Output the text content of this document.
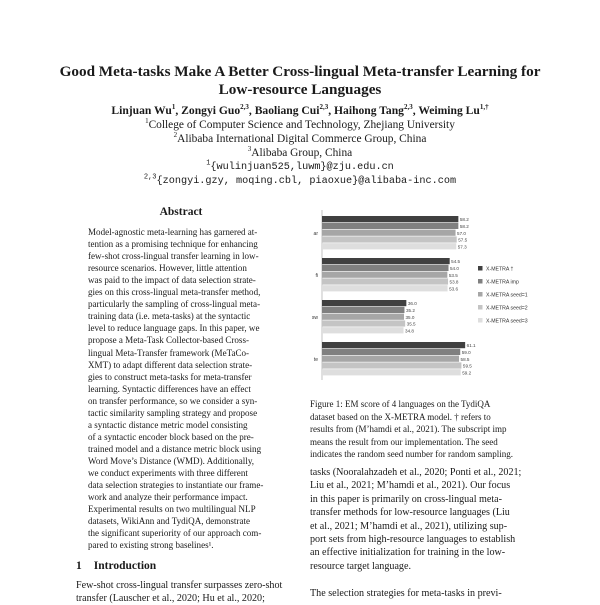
Good Meta-tasks Make A Better Cross-lingual Meta-transfer Learning for
Low-resource Languages
Linjuan Wu$^1$, Zongyi Guo$^{2,3}$, Baoliang Cui$^{2,3}$, Haihong Tang$^{2,3}$, Weiming $Lu^{1,\dagger}$
$^1$College of Computer Science and Technology, Zhejiang University
$^2$Alibaba International Digital Commerce Group, China
$^3$Alibaba Group, China
$^1${wulinjuan525,luwm}@zju.edu.cn
$^{2,3}${zongyi.gzy, moqing.cbl, piaoxue}@alibaba-inc.com
Abstract
Model-agnostic meta-learning has garnered at-
tention as a promising technique for enhancing
few-shot cross-lingual transfer learning in low-
resource scenarios. However, little attention
was paid to the impact of data selection strate-
gies on this cross-lingual meta-transfer method,
particularly the sampling of cross-lingual meta-
training data (i.e. meta-tasks) at the syntactic
level to reduce language gaps. In this paper, we
propose a Meta-Task Collector-based Cross-
lingual Meta-Transfer framework (MeTaCo-
XMT) to adapt different data selection strate-
gies to construct meta-tasks for meta-transfer
learning. Syntactic differences have an effect
on transfer performance, so we consider a syn-
tactic similarity sampling strategy and propose
a syntactic distance metric model consisting
of a syntactic encoder block based on the pre-
trained model and a distance metric block using
Word Move’s Distance (WMD). Additionally,
we conduct experiments with three different
data selection strategies to instantiate our frame-
work and analyze their performance impact.
Experimental results on two multilingual NLP
datasets, WikiAnn and TydiQA, demonstrate
the significant superiority of our approach com-
pared to existing strong baselines¹.
1 Introduction
Few-shot cross-lingual transfer surpasses zero-shot
transfer (Lauscher et al., 2020; Hu et al., 2020;
ar
58.2
58.2
57.0
57.5
57.3
fi
54.5
54.0
53.5
53.8
53.6
sw
36.0
35.2
35.0
35.5
34.8
te
61.1
59.0
58.5
59.5
59.2
X-METRA †
X-METRA imp
X-METRA seed=1
X-METRA seed=2
X-METRA seed=3
Figure 1: EM score of 4 languages on the TydiQA
dataset based on the X-METRA model. † refers to
results from (M’hamdi et al., 2021). The subscript imp
means the result from our implementation. The seed
indicates the random seed number for random sampling.
tasks (Nooralahzadeh et al., 2020; Ponti et al., 2021;
Liu et al., 2021; M’hamdi et al., 2021). Our focus
in this paper is primarily on cross-lingual meta-
transfer methods for low-resource languages (Liu
et al., 2021; M’hamdi et al., 2021), utilizing sup-
port sets from high-resource languages to establish
an effective initialization for training in the low-
resource target language.
The selection strategies for meta-tasks in previ-
